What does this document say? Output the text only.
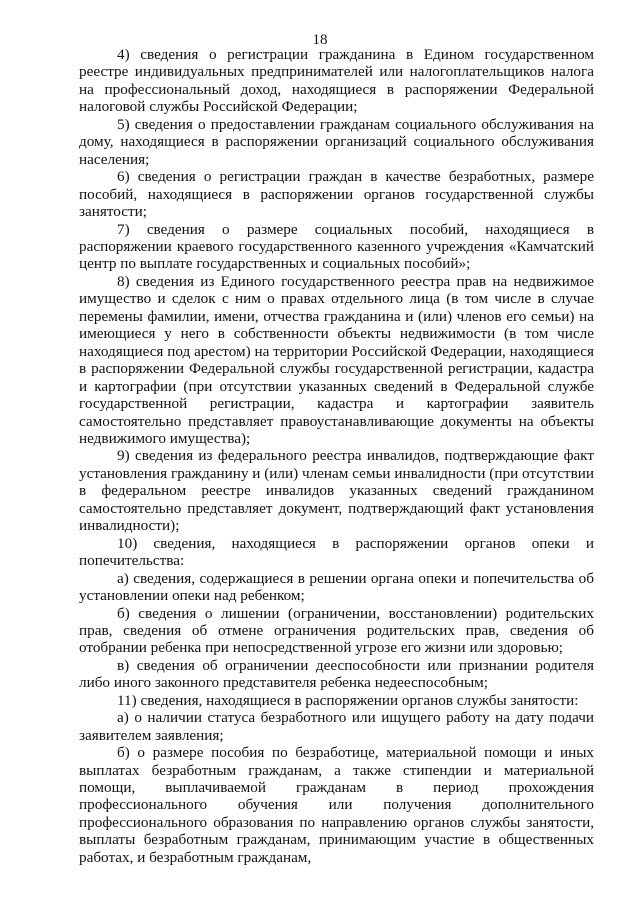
18

4) сведения о регистрации гражданина в Едином государственном реестре индивидуальных предпринимателей или налогоплательщиков налога на профессиональный доход, находящиеся в распоряжении Федеральной налоговой службы Российской Федерации;

5) сведения о предоставлении гражданам социального обслуживания на дому, находящиеся в распоряжении организаций социального обслуживания населения;

6) сведения о регистрации граждан в качестве безработных, размере пособий, находящиеся в распоряжении органов государственной службы занятости;

7) сведения о размере социальных пособий, находящиеся в распоряжении краевого государственного казенного учреждения «Камчатский центр по выплате государственных и социальных пособий»;

8) сведения из Единого государственного реестра прав на недвижимое имущество и сделок с ним о правах отдельного лица (в том числе в случае перемены фамилии, имени, отчества гражданина и (или) членов его семьи) на имеющиеся у него в собственности объекты недвижимости (в том числе находящиеся под арестом) на территории Российской Федерации, находящиеся в распоряжении Федеральной службы государственной регистрации, кадастра и картографии (при отсутствии указанных сведений в Федеральной службе государственной регистрации, кадастра и картографии заявитель самостоятельно представляет правоустанавливающие документы на объекты недвижимого имущества);

9) сведения из федерального реестра инвалидов, подтверждающие факт установления гражданину и (или) членам семьи инвалидности (при отсутствии в федеральном реестре инвалидов указанных сведений гражданином самостоятельно представляет документ, подтверждающий факт установления инвалидности);

10) сведения, находящиеся в распоряжении органов опеки и попечительства:

а) сведения, содержащиеся в решении органа опеки и попечительства об установлении опеки над ребенком;

б) сведения о лишении (ограничении, восстановлении) родительских прав, сведения об отмене ограничения родительских прав, сведения об отобрании ребенка при непосредственной угрозе его жизни или здоровью;

в) сведения об ограничении дееспособности или признании родителя либо иного законного представителя ребенка недееспособным;

11) сведения, находящиеся в распоряжении органов службы занятости:

а) о наличии статуса безработного или ищущего работу на дату подачи заявителем заявления;

б) о размере пособия по безработице, материальной помощи и иных выплатах безработным гражданам, а также стипендии и материальной помощи, выплачиваемой гражданам в период прохождения профессионального обучения или получения дополнительного профессионального образования по направлению органов службы занятости, выплаты безработным гражданам, принимающим участие в общественных работах, и безработным гражданам,
